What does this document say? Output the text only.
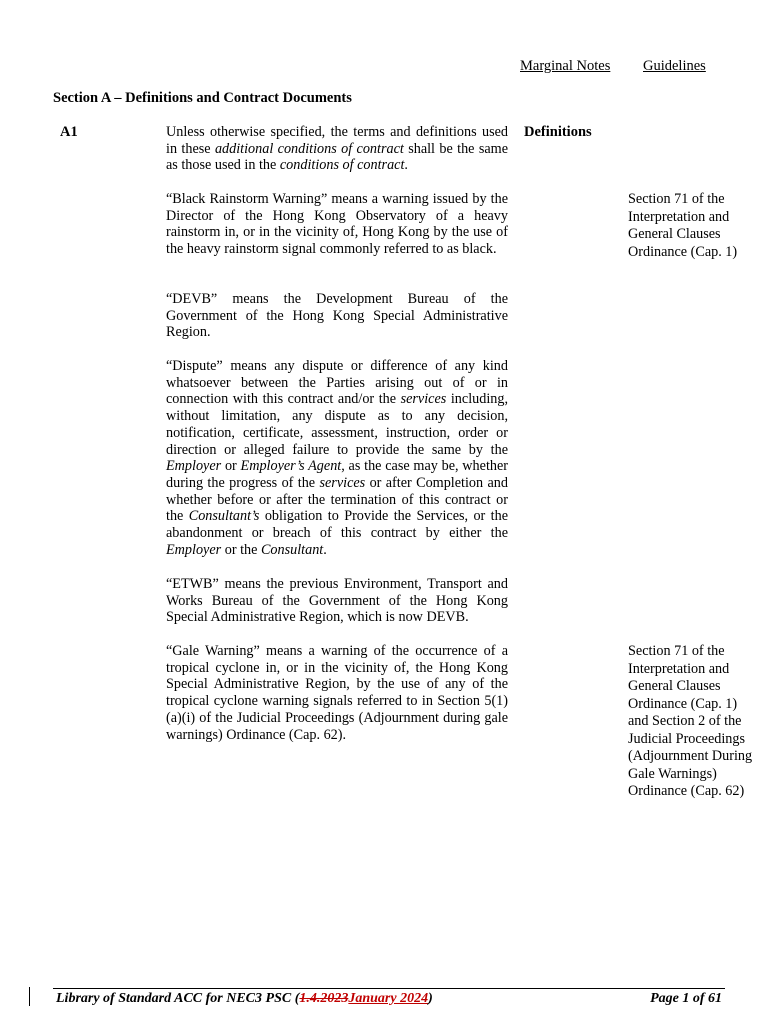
Marginal Notes Guidelines
Section A – Definitions and Contract Documents
A1	Definitions

Unless otherwise specified, the terms and definitions used in these additional conditions of contract shall be the same as those used in the conditions of contract.

“Black Rainstorm Warning” means a warning issued by the Director of the Hong Kong Observatory of a heavy rainstorm in, or in the vicinity of, Hong Kong by the use of the heavy rainstorm signal commonly referred to as black.

“DEVB” means the Development Bureau of the Government of the Hong Kong Special Administrative Region.

“Dispute” means any dispute or difference of any kind whatsoever between the Parties arising out of or in connection with this contract and/or the services including, without limitation, any dispute as to any decision, notification, certificate, assessment, instruction, order or direction or alleged failure to provide the same by the Employer or Employer’s Agent, as the case may be, whether during the progress of the services or after Completion and whether before or after the termination of this contract or the Consultant’s obligation to Provide the Services, or the abandonment or breach of this contract by either the Employer or the Consultant.

“ETWB” means the previous Environment, Transport and Works Bureau of the Government of the Hong Kong Special Administrative Region, which is now DEVB.

“Gale Warning” means a warning of the occurrence of a tropical cyclone in, or in the vicinity of, the Hong Kong Special Administrative Region, by the use of any of the tropical cyclone warning signals referred to in Section 5(1)(a)(i) of the Judicial Proceedings (Adjournment during gale warnings) Ordinance (Cap. 62).

Section 71 of the Interpretation and General Clauses Ordinance (Cap. 1)
Section 71 of the Interpretation and General Clauses Ordinance (Cap. 1) and Section 2 of the Judicial Proceedings (Adjournment During Gale Warnings) Ordinance (Cap. 62)
Library of Standard ACC for NEC3 PSC (1.4.2023January 2024)	Page 1 of 61
